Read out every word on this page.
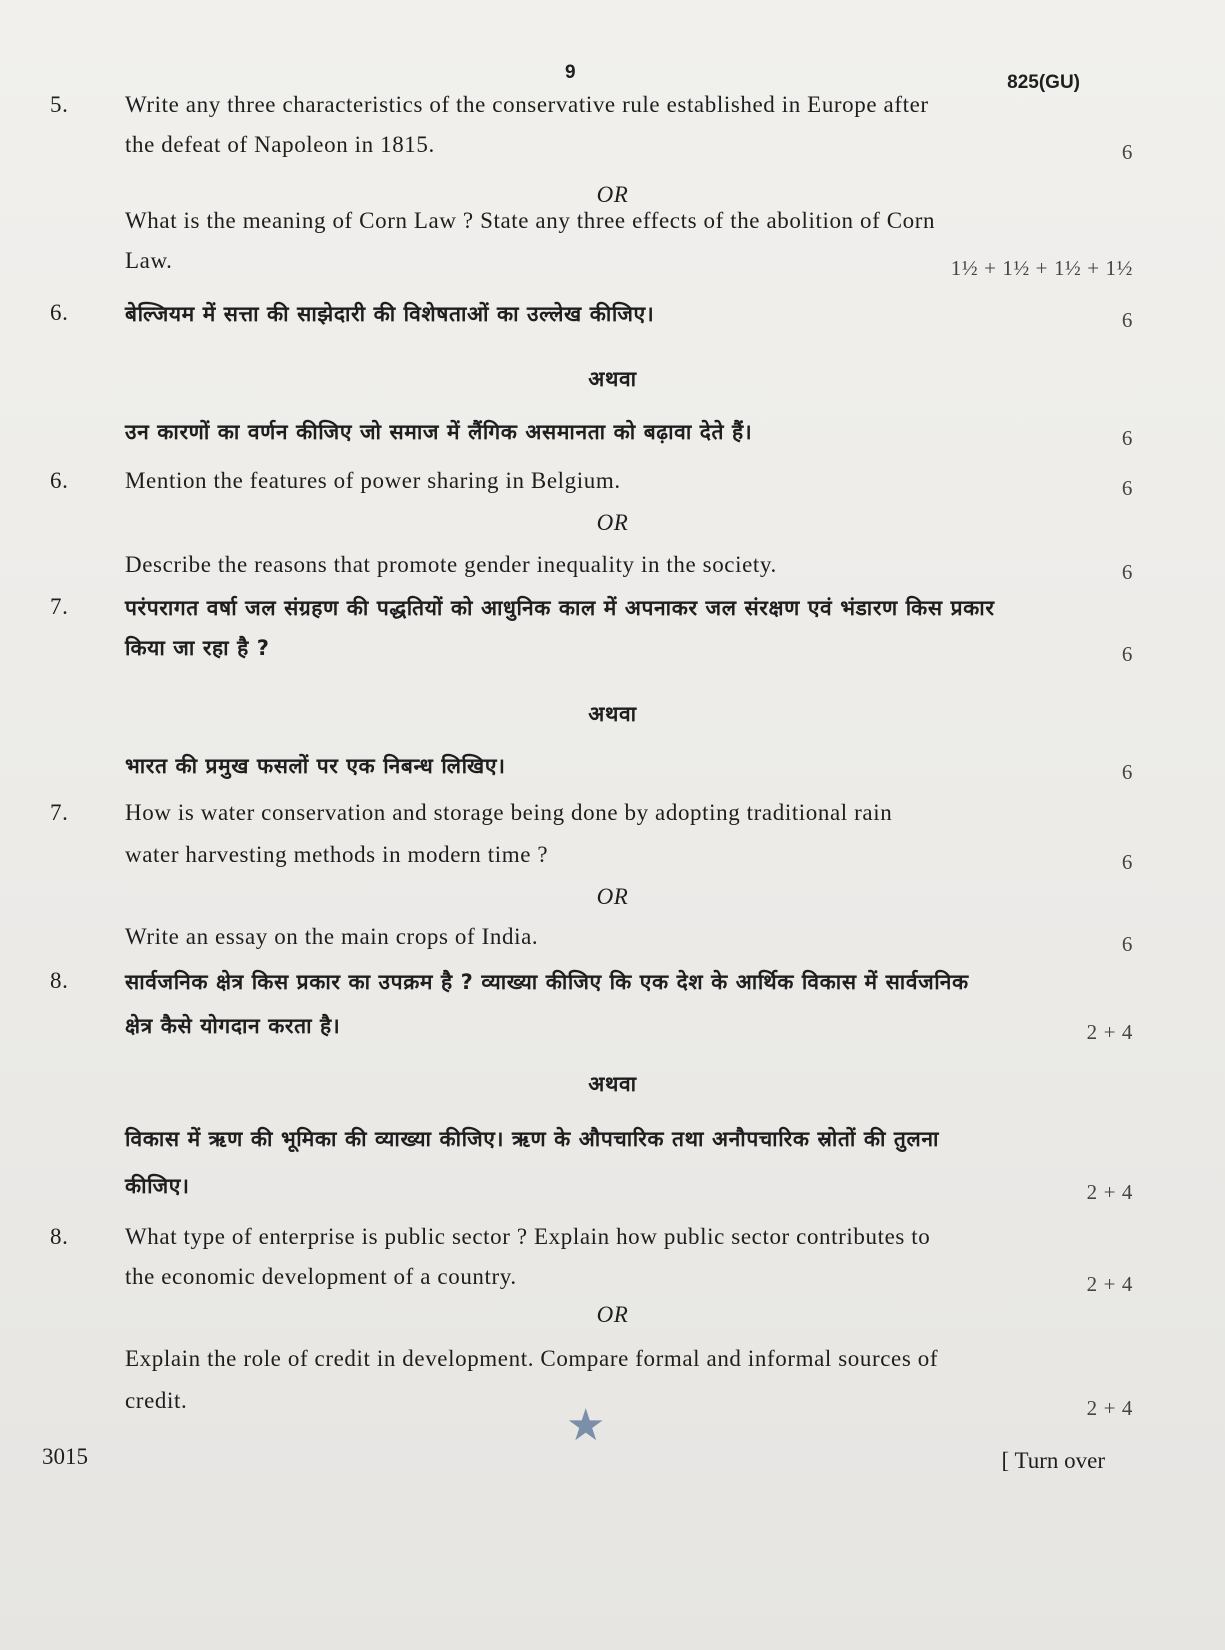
9	825(GU)
5.	Write any three characteristics of the conservative rule established in Europe after
the defeat of Napoleon in 1815.	6
OR
What is the meaning of Corn Law ? State any three effects of the abolition of Corn
Law.	1½ + 1½ + 1½ + 1½
6.	बेल्जियम में सत्ता की साझेदारी की विशेषताओं का उल्लेख कीजिए।	6
अथवा
उन कारणों का वर्णन कीजिए जो समाज में लैंगिक असमानता को बढ़ावा देते हैं।	6
6.	Mention the features of power sharing in Belgium.	6
OR
Describe the reasons that promote gender inequality in the society.	6
7.	परंपरागत वर्षा जल संग्रहण की पद्धतियों को आधुनिक काल में अपनाकर जल संरक्षण एवं भंडारण किस प्रकार
किया जा रहा है ?	6
अथवा
भारत की प्रमुख फसलों पर एक निबन्ध लिखिए।	6
7.	How is water conservation and storage being done by adopting traditional rain
water harvesting methods in modern time ?	6
OR
Write an essay on the main crops of India.	6
8.	सार्वजनिक क्षेत्र किस प्रकार का उपक्रम है ? व्याख्या कीजिए कि एक देश के आर्थिक विकास में सार्वजनिक
क्षेत्र कैसे योगदान करता है।	2 + 4
अथवा
विकास में ऋण की भूमिका की व्याख्या कीजिए। ऋण के औपचारिक तथा अनौपचारिक स्रोतों की तुलना
कीजिए।	2 + 4
8.	What type of enterprise is public sector ? Explain how public sector contributes to
the economic development of a country.	2 + 4
OR
Explain the role of credit in development. Compare formal and informal sources of
credit.	2 + 4
★
3015	[ Turn over
